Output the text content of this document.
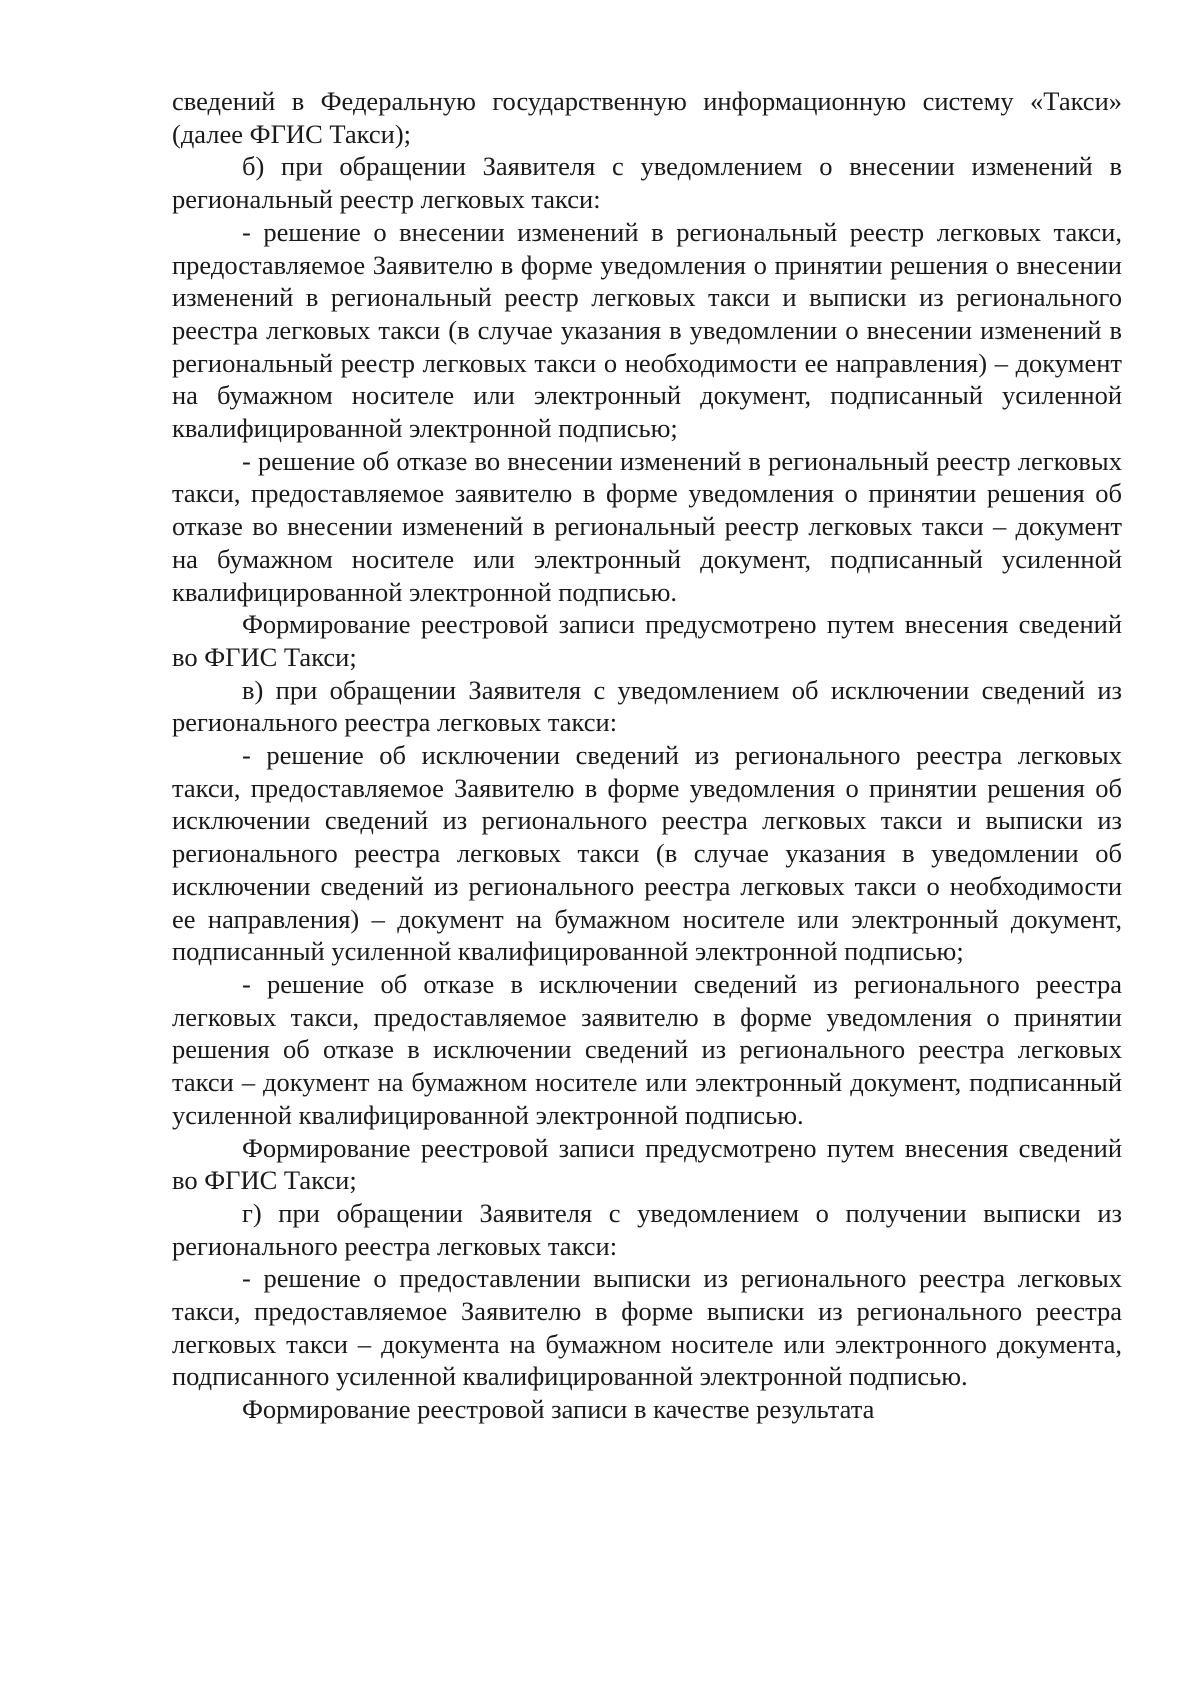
сведений в Федеральную государственную информационную систему «Такси» (далее ФГИС Такси);

б) при обращении Заявителя с уведомлением о внесении изменений в региональный реестр легковых такси:

- решение о внесении изменений в региональный реестр легковых такси, предоставляемое Заявителю в форме уведомления о принятии решения о внесении изменений в региональный реестр легковых такси и выписки из регионального реестра легковых такси (в случае указания в уведомлении о внесении изменений в региональный реестр легковых такси о необходимости ее направления) – документ на бумажном носителе или электронный документ, подписанный усиленной квалифицированной электронной подписью;

- решение об отказе во внесении изменений в региональный реестр легковых такси, предоставляемое заявителю в форме уведомления о принятии решения об отказе во внесении изменений в региональный реестр легковых такси – документ на бумажном носителе или электронный документ, подписанный усиленной квалифицированной электронной подписью.

Формирование реестровой записи предусмотрено путем внесения сведений во ФГИС Такси;

в) при обращении Заявителя с уведомлением об исключении сведений из регионального реестра легковых такси:

- решение об исключении сведений из регионального реестра легковых такси, предоставляемое Заявителю в форме уведомления о принятии решения об исключении сведений из регионального реестра легковых такси и выписки из регионального реестра легковых такси (в случае указания в уведомлении об исключении сведений из регионального реестра легковых такси о необходимости ее направления) – документ на бумажном носителе или электронный документ, подписанный усиленной квалифицированной электронной подписью;

- решение об отказе в исключении сведений из регионального реестра легковых такси, предоставляемое заявителю в форме уведомления о принятии решения об отказе в исключении сведений из регионального реестра легковых такси – документ на бумажном носителе или электронный документ, подписанный усиленной квалифицированной электронной подписью.

Формирование реестровой записи предусмотрено путем внесения сведений во ФГИС Такси;

г) при обращении Заявителя с уведомлением о получении выписки из регионального реестра легковых такси:

- решение о предоставлении выписки из регионального реестра легковых такси, предоставляемое Заявителю в форме выписки из регионального реестра легковых такси – документа на бумажном носителе или электронного документа, подписанного усиленной квалифицированной электронной подписью.

Формирование реестровой записи в качестве результата
